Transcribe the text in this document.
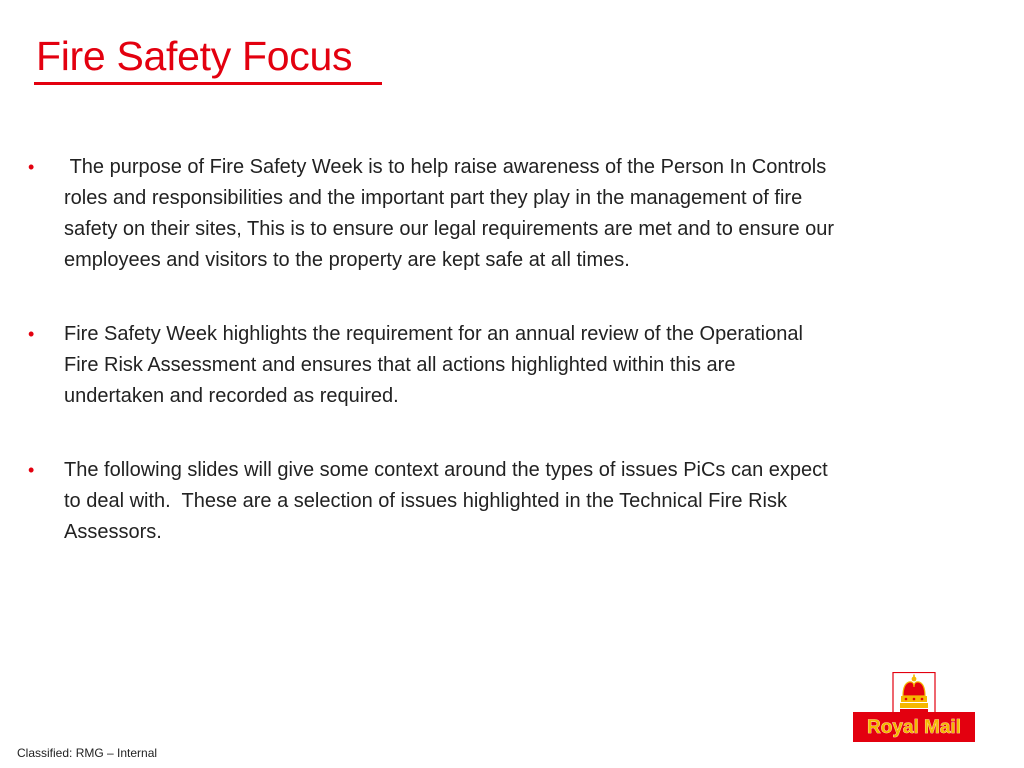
Fire Safety Focus
•	The purpose of Fire Safety Week is to help raise awareness of the Person In Controls roles and responsibilities and the important part they play in the management of fire safety on their sites, This is to ensure our legal requirements are met and to ensure our employees and visitors to the property are kept safe at all times.
•	Fire Safety Week highlights the requirement for an annual review of the Operational Fire Risk Assessment and ensures that all actions highlighted within this are undertaken and recorded as required.
•	The following slides will give some context around the types of issues PiCs can expect to deal with.  These are a selection of issues highlighted in the Technical Fire Risk Assessors.
Classified: RMG – Internal
Royal Mail
